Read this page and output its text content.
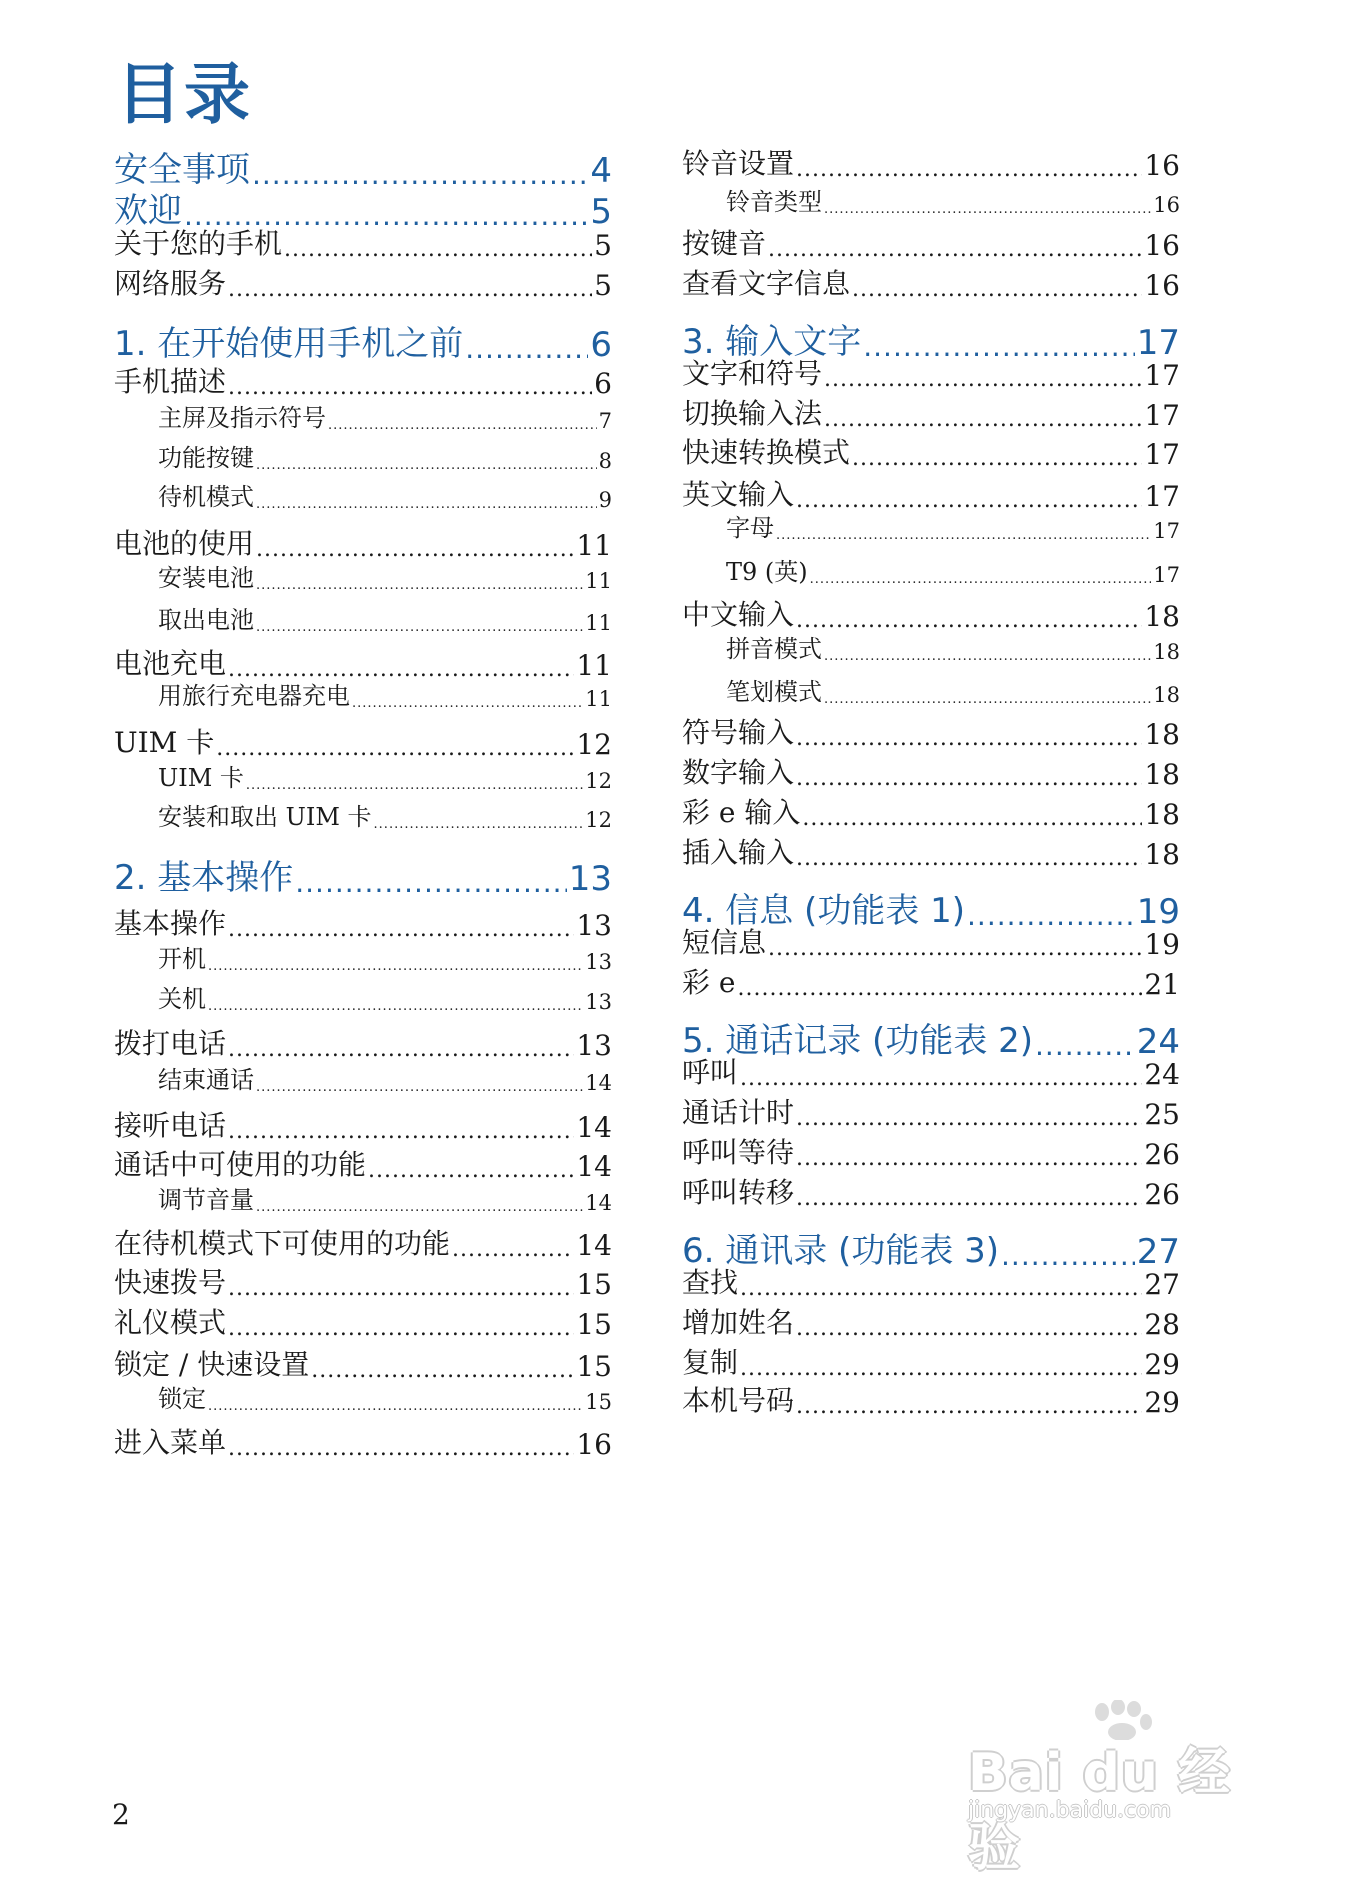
目录
安全事项 .....	4
欢迎 .....	5
关于您的手机 .....	5
网络服务 .....	5
1. 在开始使用手机之前 .....	6
手机描述 .....	6
主屏及指示符号 .....	7
功能按键 .....	8
待机模式 .....	9
电池的使用 .....	11
安装电池 .....	11
取出电池 .....	11
电池充电 .....	11
用旅行充电器充电 .....	11
UIM 卡 .....	12
UIM 卡 .....	12
安装和取出 UIM 卡 .....	12
2. 基本操作 .....	13
基本操作 .....	13
开机 .....	13
关机 .....	13
拨打电话 .....	13
结束通话 .....	14
接听电话 .....	14
通话中可使用的功能 .....	14
调节音量 .....	14
在待机模式下可使用的功能 .....	14
快速拨号 .....	15
礼仪模式 .....	15
锁定 / 快速设置 .....	15
锁定 .....	15
进入菜单 .....	16
铃音设置 .....	16
铃音类型 .....	16
按键音 .....	16
查看文字信息 .....	16
3. 输入文字 .....	17
文字和符号 .....	17
切换输入法 .....	17
快速转换模式 .....	17
英文输入 .....	17
字母 .....	17
T9 (英) .....	17
中文输入 .....	18
拼音模式 .....	18
笔划模式 .....	18
符号输入 .....	18
数字输入 .....	18
彩 e 输入 .....	18
插入输入 .....	18
4. 信息 (功能表 1) .....	19
短信息 .....	19
彩 e .....	21
5. 通话记录 (功能表 2) .....	24
呼叫 .....	24
通话计时 .....	25
呼叫等待 .....	26
呼叫转移 .....	26
6. 通讯录 (功能表 3) .....	27
查找 .....	27
增加姓名 .....	28
复制 .....	29
本机号码 .....	29
2
Bai du 经验
jingyan.baidu.com
